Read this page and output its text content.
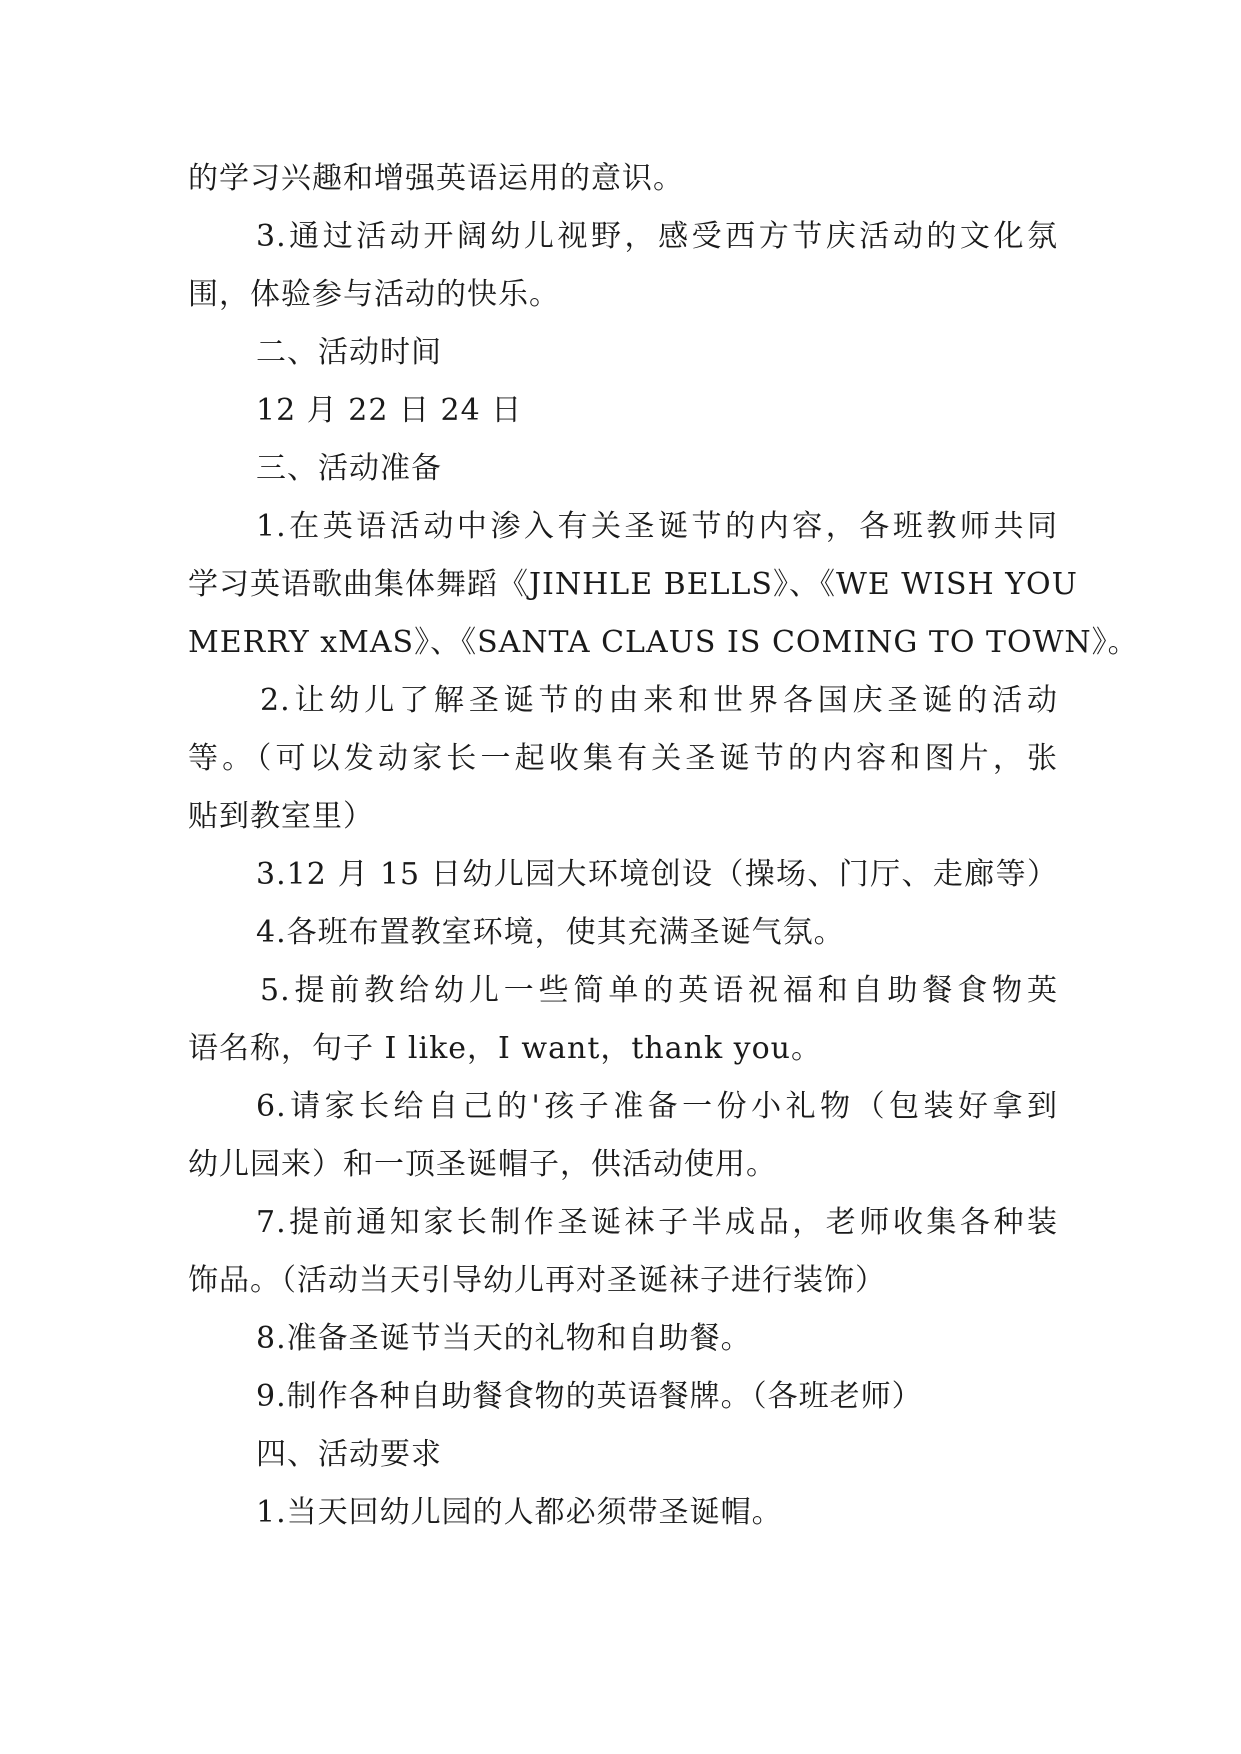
的学习兴趣和增强英语运用的意识。
3.通过活动开阔幼儿视野，感受西方节庆活动的文化氛
围，体验参与活动的快乐。
二、活动时间
12 月 22 日 24 日
三、活动准备
1.在英语活动中渗入有关圣诞节的内容，各班教师共同
学习英语歌曲集体舞蹈《JINHLE BELLS》、《WE WISH YOU
MERRY xMAS》、《SANTA CLAUS IS COMING TO TOWN》。
2.让幼儿了解圣诞节的由来和世界各国庆圣诞的活动
等。（可以发动家长一起收集有关圣诞节的内容和图片，张
贴到教室里）
3.12 月 15 日幼儿园大环境创设（操场、门厅、走廊等）
4.各班布置教室环境，使其充满圣诞气氛。
5.提前教给幼儿一些简单的英语祝福和自助餐食物英
语名称，句子 I like，I want，thank you。
6.请家长给自己的'孩子准备一份小礼物（包装好拿到
幼儿园来）和一顶圣诞帽子，供活动使用。
7.提前通知家长制作圣诞袜子半成品，老师收集各种装
饰品。（活动当天引导幼儿再对圣诞袜子进行装饰）
8.准备圣诞节当天的礼物和自助餐。
9.制作各种自助餐食物的英语餐牌。（各班老师）
四、活动要求
1.当天回幼儿园的人都必须带圣诞帽。
